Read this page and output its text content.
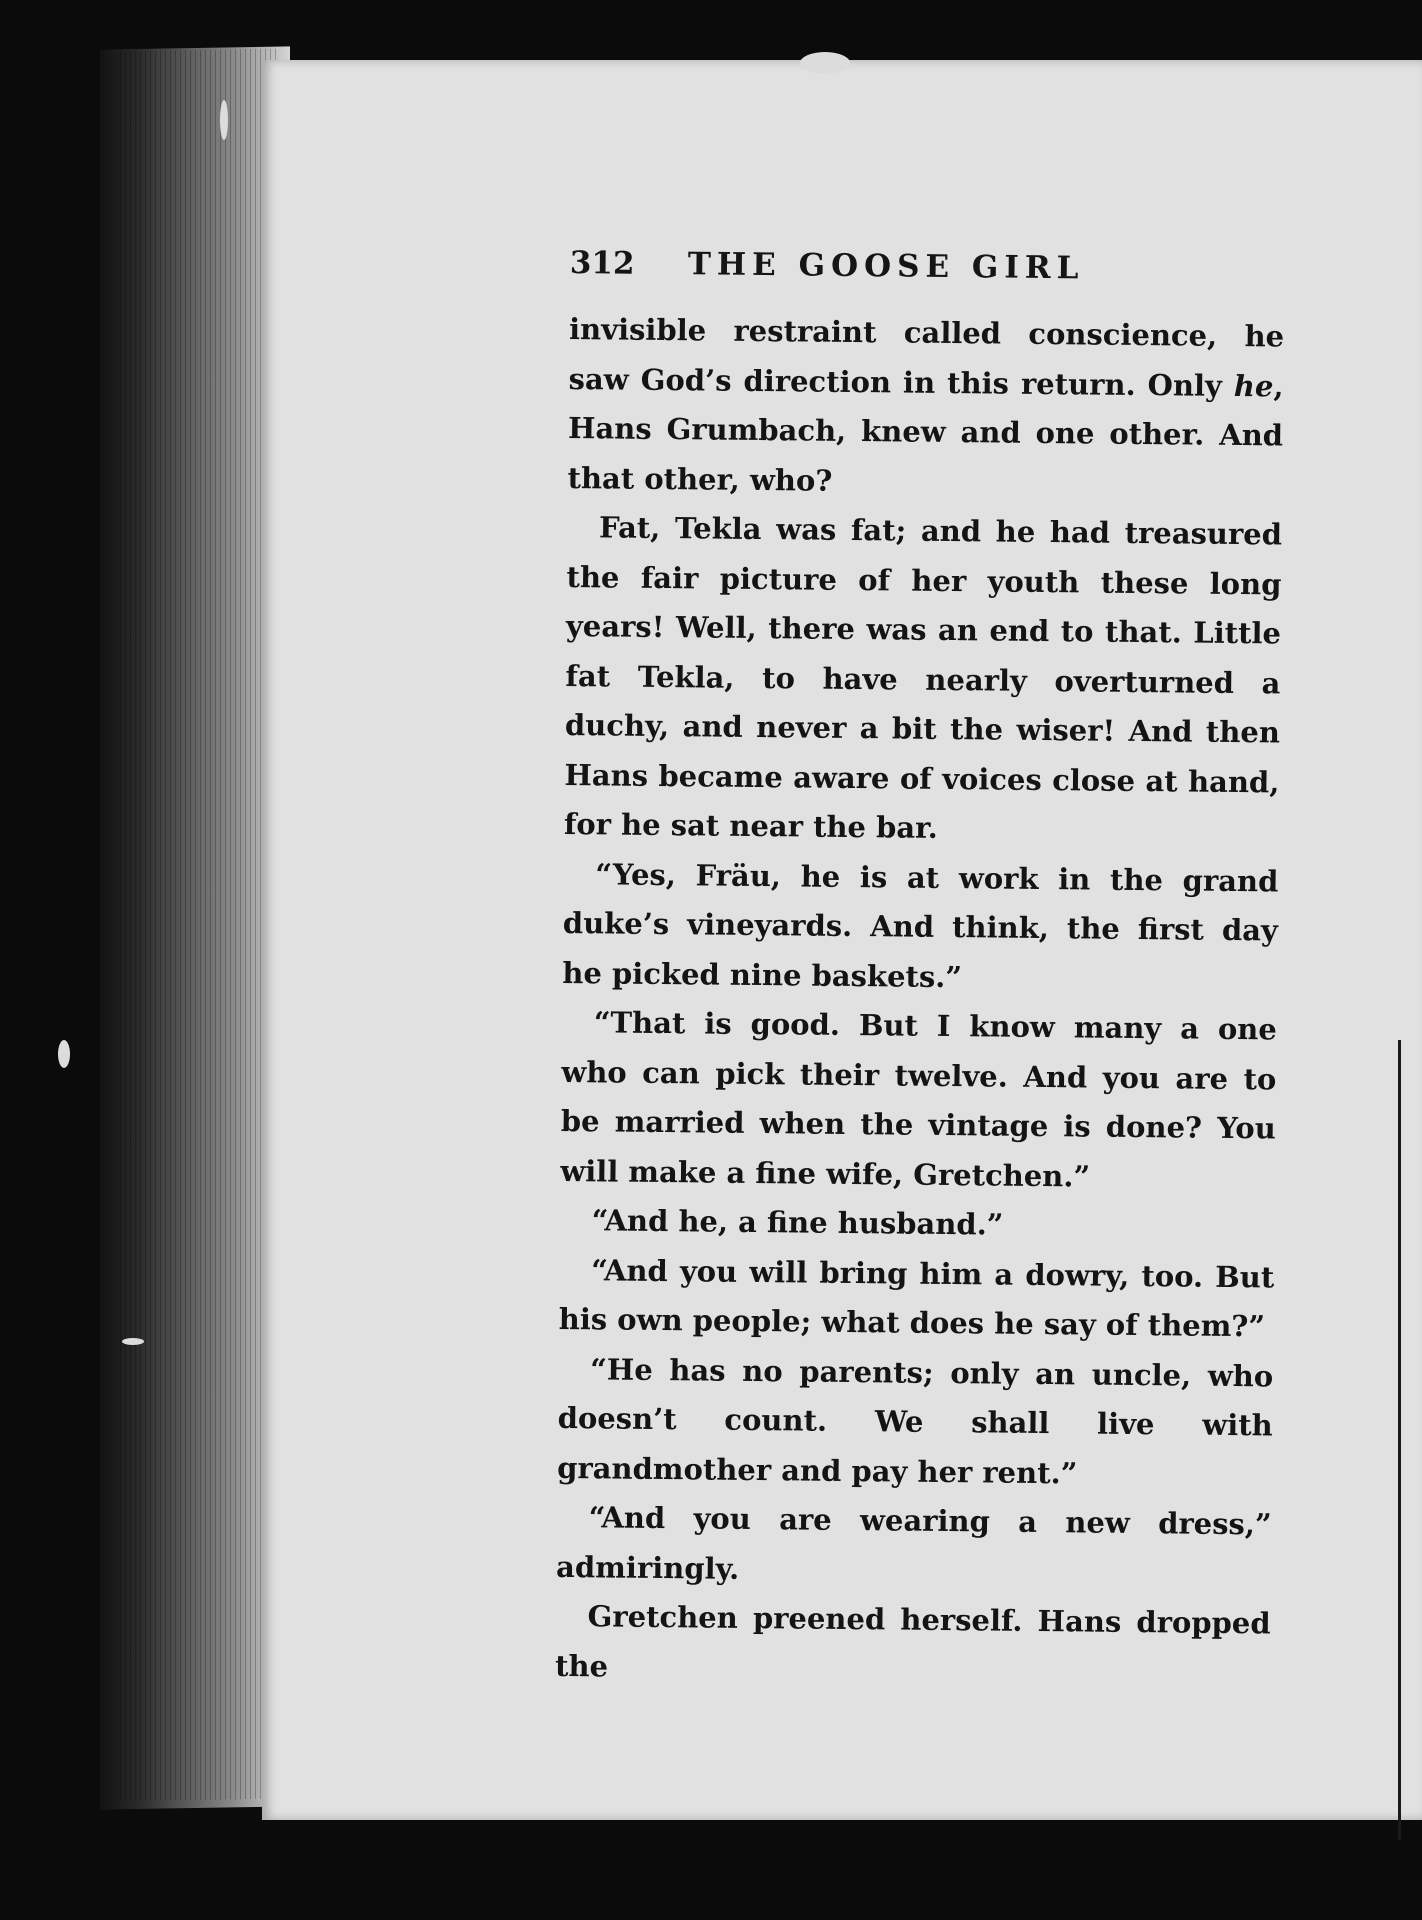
312	THE GOOSE GIRL

invisible restraint called conscience, he saw God’s direction in this return. Only he, Hans Grumbach, knew and one other. And that other, who?

Fat, Tekla was fat; and he had treasured the fair picture of her youth these long years! Well, there was an end to that. Little fat Tekla, to have nearly overturned a duchy, and never a bit the wiser! And then Hans became aware of voices close at hand, for he sat near the bar.

“Yes, Fräu, he is at work in the grand duke’s vineyards. And think, the first day he picked nine baskets.”

“That is good. But I know many a one who can pick their twelve. And you are to be married when the vintage is done? You will make a fine wife, Gretchen.”

“And he, a fine husband.”

“And you will bring him a dowry, too. But his own people; what does he say of them?”

“He has no parents; only an uncle, who doesn’t count. We shall live with grandmother and pay her rent.”

“And you are wearing a new dress,” admiringly.

Gretchen preened herself. Hans dropped the
